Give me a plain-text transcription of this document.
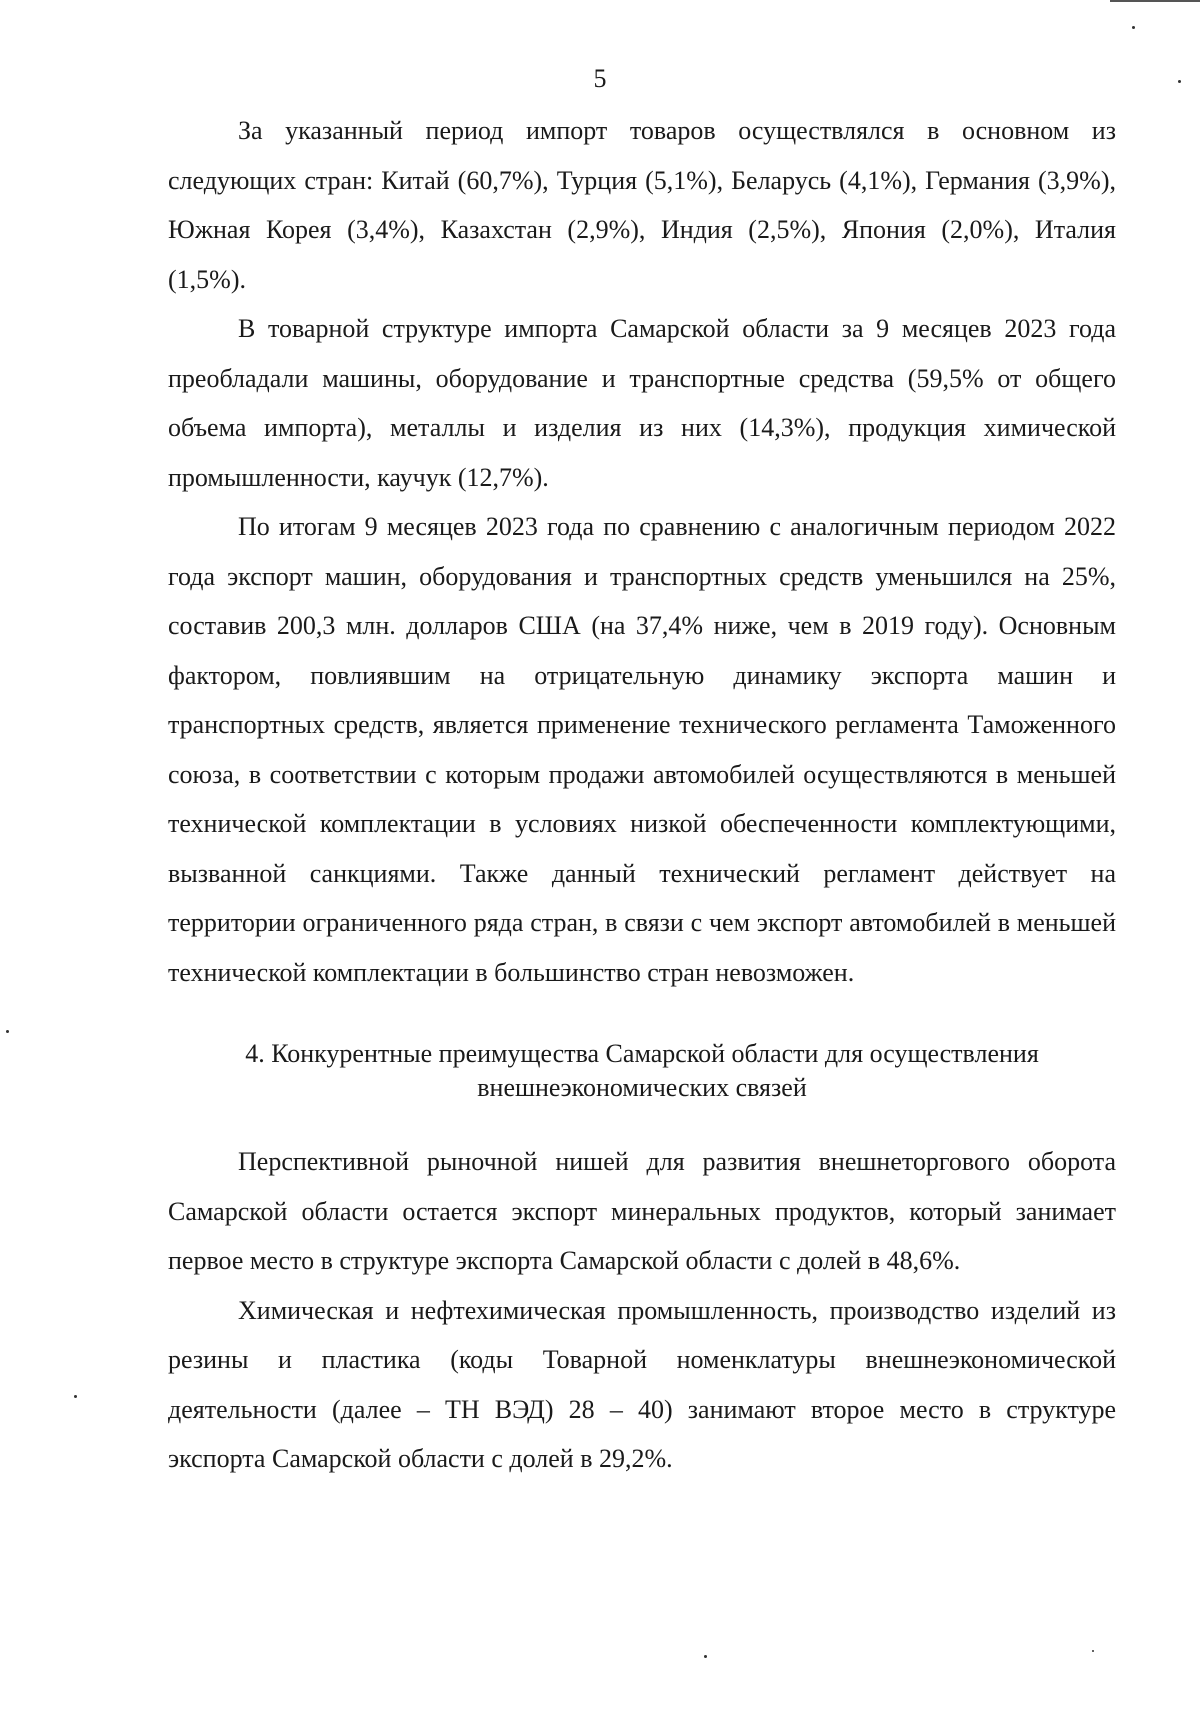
5

За указанный период импорт товаров осуществлялся в основном из следующих стран: Китай (60,7%), Турция (5,1%), Беларусь (4,1%), Германия (3,9%), Южная Корея (3,4%), Казахстан (2,9%), Индия (2,5%), Япония (2,0%), Италия (1,5%).

В товарной структуре импорта Самарской области за 9 месяцев 2023 года преобладали машины, оборудование и транспортные средства (59,5% от общего объема импорта), металлы и изделия из них (14,3%), продукция химической промышленности, каучук (12,7%).

По итогам 9 месяцев 2023 года по сравнению с аналогичным периодом 2022 года экспорт машин, оборудования и транспортных средств уменьшился на 25%, составив 200,3 млн. долларов США (на 37,4% ниже, чем в 2019 году). Основным фактором, повлиявшим на отрицательную динамику экспорта машин и транспортных средств, является применение технического регламента Таможенного союза, в соответствии с которым продажи автомобилей осуществляются в меньшей технической комплектации в условиях низкой обеспеченности комплектующими, вызванной санкциями. Также данный технический регламент действует на территории ограниченного ряда стран, в связи с чем экспорт автомобилей в меньшей технической комплектации в большинство стран невозможен.

4. Конкурентные преимущества Самарской области для осуществления
внешнеэкономических связей

Перспективной рыночной нишей для развития внешнеторгового оборота Самарской области остается экспорт минеральных продуктов, который занимает первое место в структуре экспорта Самарской области с долей в 48,6%.

Химическая и нефтехимическая промышленность, производство изделий из резины и пластика (коды Товарной номенклатуры внешнеэкономической деятельности (далее – ТН ВЭД) 28 – 40) занимают второе место в структуре экспорта Самарской области с долей в 29,2%.
